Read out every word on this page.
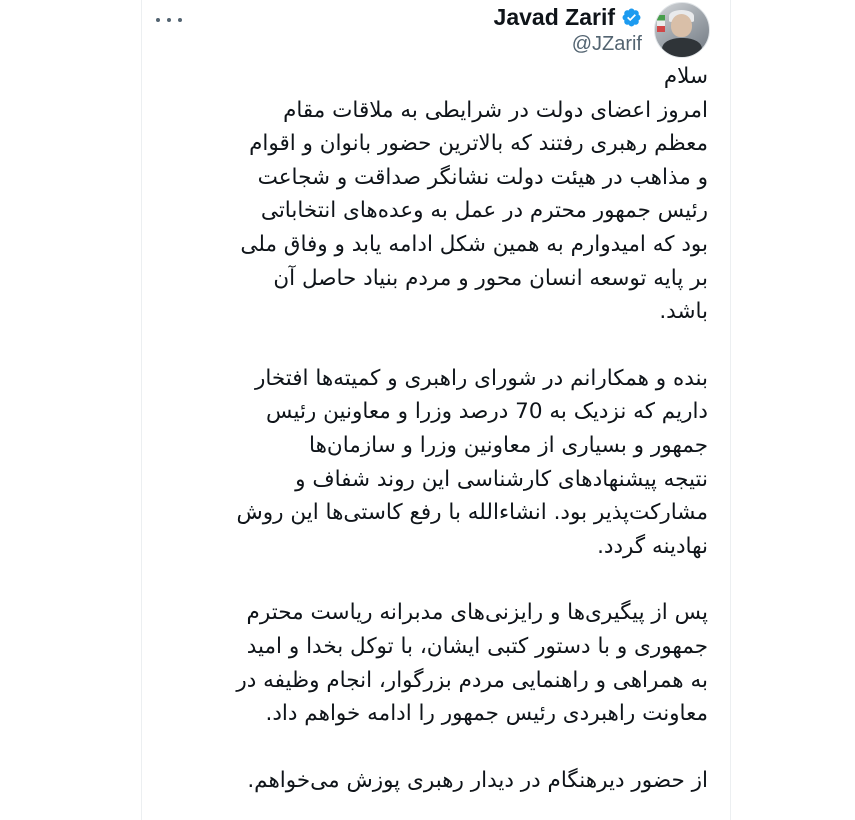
Javad Zarif
@JZarif
سلام
امروز اعضای دولت در شرایطی به ملاقات مقام
معظم رهبری رفتند که بالاترین حضور بانوان و اقوام
و مذاهب در هیئت دولت نشانگر صداقت و شجاعت
رئیس جمهور محترم در عمل به وعده‌های انتخاباتی
بود که امیدوارم به همین شکل ادامه یابد و وفاق ملی
بر پایه توسعه انسان محور و مردم بنیاد حاصل آن
باشد.
بنده و همکارانم در شورای راهبری و کمیته‌ها افتخار
داریم که نزدیک به 70 درصد وزرا و معاونین رئیس
جمهور و بسیاری از معاونین وزرا و سازمان‌ها
نتیجه پیشنهادهای کارشناسی این روند شفاف و
مشارکت‌پذیر بود. انشاءالله با رفع کاستی‌ها این روش
نهادینه گردد.
پس از پیگیری‌ها و رایزنی‌های مدبرانه ریاست محترم
جمهوری و با دستور کتبی ایشان، با توکل بخدا و امید
به همراهی و راهنمایی مردم بزرگوار، انجام وظیفه در
معاونت راهبردی رئیس جمهور را ادامه خواهم داد.
از حضور دیرهنگام در دیدار رهبری پوزش می‌خواهم.
